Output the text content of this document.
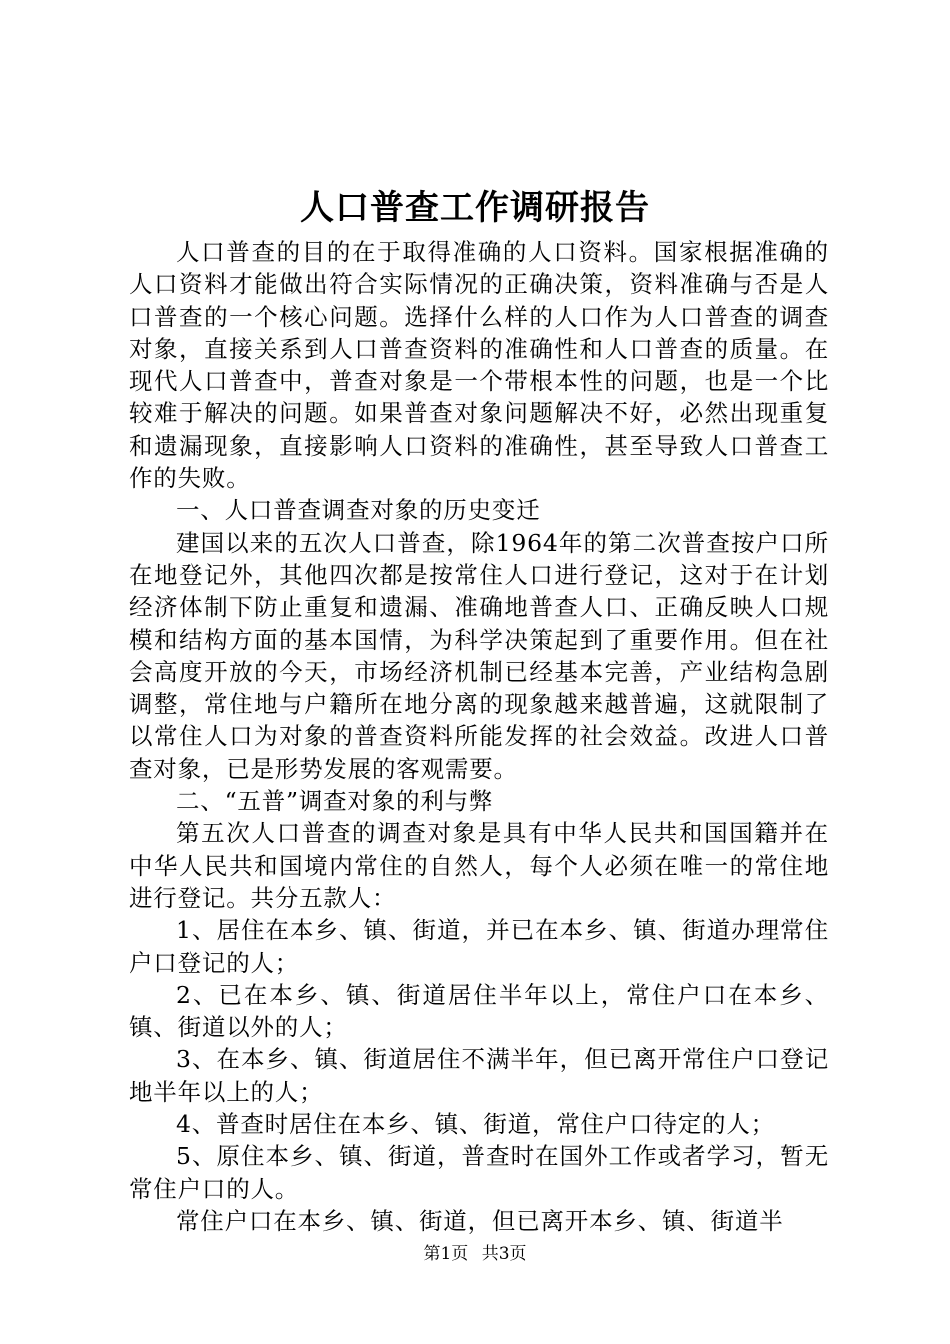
人口普查工作调研报告

人口普查的目的在于取得准确的人口资料。国家根据准确的人口资料才能做出符合实际情况的正确决策，资料准确与否是人口普查的一个核心问题。选择什么样的人口作为人口普查的调查对象，直接关系到人口普查资料的准确性和人口普查的质量。在现代人口普查中，普查对象是一个带根本性的问题，也是一个比较难于解决的问题。如果普查对象问题解决不好，必然出现重复和遗漏现象，直接影响人口资料的准确性，甚至导致人口普查工作的失败。

一、人口普查调查对象的历史变迁

建国以来的五次人口普查，除1964年的第二次普查按户口所在地登记外，其他四次都是按常住人口进行登记，这对于在计划经济体制下防止重复和遗漏、准确地普查人口、正确反映人口规模和结构方面的基本国情，为科学决策起到了重要作用。但在社会高度开放的今天，市场经济机制已经基本完善，产业结构急剧调整，常住地与户籍所在地分离的现象越来越普遍，这就限制了以常住人口为对象的普查资料所能发挥的社会效益。改进人口普查对象，已是形势发展的客观需要。

二、“五普”调查对象的利与弊

第五次人口普查的调查对象是具有中华人民共和国国籍并在中华人民共和国境内常住的自然人，每个人必须在唯一的常住地进行登记。共分五款人：

1、居住在本乡、镇、街道，并已在本乡、镇、街道办理常住户口登记的人；

2、已在本乡、镇、街道居住半年以上，常住户口在本乡、镇、街道以外的人；

3、在本乡、镇、街道居住不满半年，但已离开常住户口登记地半年以上的人；

4、普查时居住在本乡、镇、街道，常住户口待定的人；

5、原住本乡、镇、街道，普查时在国外工作或者学习，暂无常住户口的人。

常住户口在本乡、镇、街道，但已离开本乡、镇、街道半

第1页 共3页
